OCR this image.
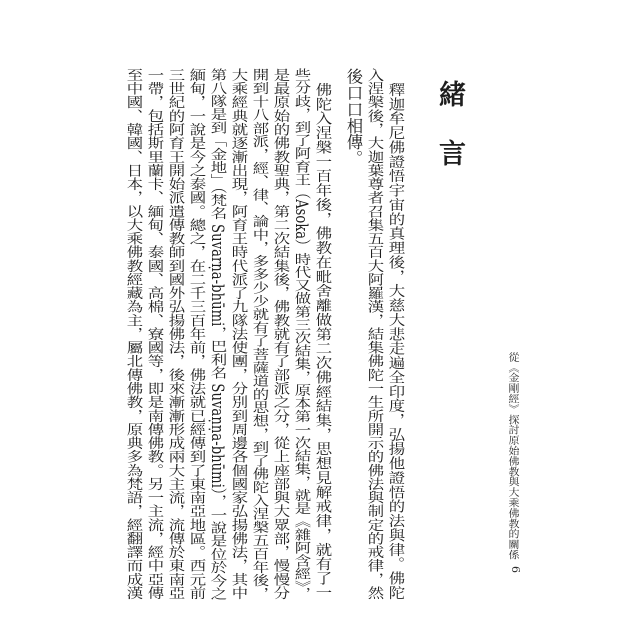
從《金剛經》探討原始佛教與大乘佛教的關係
6
緒言
　釋迦牟尼佛證悟宇宙的真理後，大慈大悲走遍全印度，弘揚他證悟的法與律。佛陀
入涅槃後，大迦葉尊者召集五百大阿羅漢，結集佛陀一生所開示的佛法與制定的戒律，然
後口口相傳。
　佛陀入涅槃一百年後，佛教在毗舍離做第二次佛經結集，思想見解戒律，就有了一
些分歧，到了阿育王（Asoka）時代又做第三次結集，原本第一次結集，就是《雜阿含經》，
是最原始的佛教聖典，第二次結集後，佛教就有了部派之分，從上座部與大眾部，慢慢分
開到十八部派，經、律、論中，多多少少就有了菩薩道的思想，到了佛陀入涅槃五百年後，
大乘經典就逐漸出現，阿育王時代派了九隊法使團，分別到周邊各個國家弘揚佛法，其中
第八隊是到「金地」（梵名 Suvarṇa-bhūmi，巴利名 Suvaṇṇa-bhūmi），一說是位於今之
緬甸，一說是今之泰國。總之，在二千三百年前，佛法就已經傳到了東南亞地區。西元前
三世紀的阿育王開始派遣傳教師到國外弘揚佛法，後來漸漸形成兩大主流，流傳於東南亞
一帶，包括斯里蘭卡、緬甸、泰國、高棉、寮國等，即是南傳佛教。另一主流，經中亞傳
至中國、韓國、日本，以大乘佛教經藏為主，屬北傳佛教，原典多為梵語，經翻譯而成漢
